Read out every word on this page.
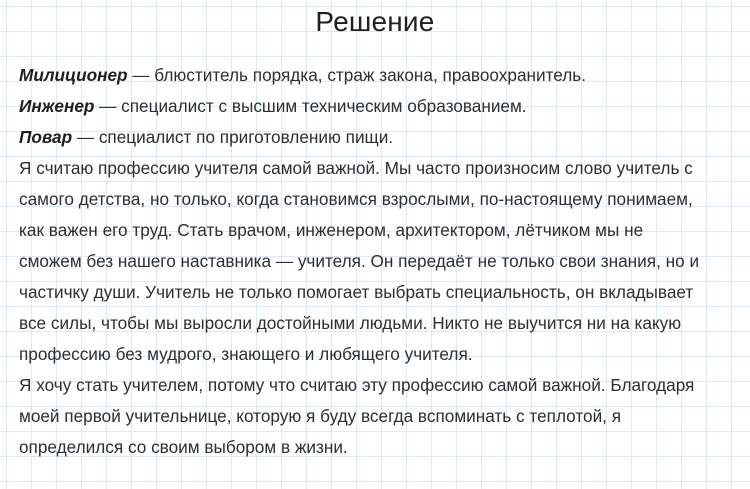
Решение
Милиционер — блюститель порядка, страж закона, правоохранитель.
Инженер — специалист с высшим техническим образованием.
Повар — специалист по приготовлению пищи.
Я считаю профессию учителя самой важной. Мы часто произносим слово учитель с
самого детства, но только, когда становимся взрослыми, по-настоящему понимаем,
как важен его труд. Стать врачом, инженером, архитектором, лётчиком мы не
сможем без нашего наставника — учителя. Он передаёт не только свои знания, но и
частичку души. Учитель не только помогает выбрать специальность, он вкладывает
все силы, чтобы мы выросли достойными людьми. Никто не выучится ни на какую
профессию без мудрого, знающего и любящего учителя.
Я хочу стать учителем, потому что считаю эту профессию самой важной. Благодаря
моей первой учительнице, которую я буду всегда вспоминать с теплотой, я
определился со своим выбором в жизни.
